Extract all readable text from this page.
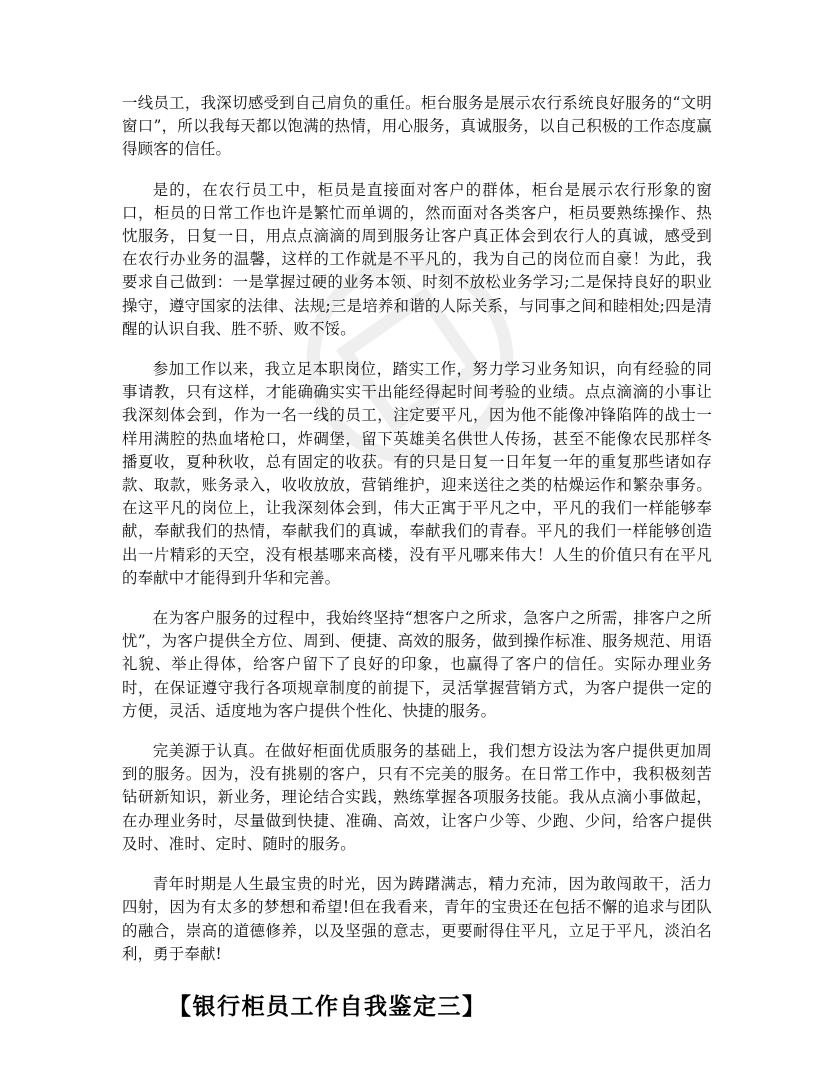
一线员工，我深切感受到自己肩负的重任。柜台服务是展示农行系统良好服务的“文明窗口”，所以我每天都以饱满的热情，用心服务，真诚服务，以自己积极的工作态度赢得顾客的信任。

是的，在农行员工中，柜员是直接面对客户的群体，柜台是展示农行形象的窗口，柜员的日常工作也许是繁忙而单调的，然而面对各类客户，柜员要熟练操作、热忱服务，日复一日，用点点滴滴的周到服务让客户真正体会到农行人的真诚，感受到在农行办业务的温馨，这样的工作就是不平凡的，我为自己的岗位而自豪！为此，我要求自己做到：一是掌握过硬的业务本领、时刻不放松业务学习;二是保持良好的职业操守，遵守国家的法律、法规;三是培养和谐的人际关系，与同事之间和睦相处;四是清醒的认识自我、胜不骄、败不馁。

参加工作以来，我立足本职岗位，踏实工作，努力学习业务知识，向有经验的同事请教，只有这样，才能确确实实干出能经得起时间考验的业绩。点点滴滴的小事让我深刻体会到，作为一名一线的员工，注定要平凡，因为他不能像冲锋陷阵的战士一样用满腔的热血堵枪口，炸碉堡，留下英雄美名供世人传扬，甚至不能像农民那样冬播夏收，夏种秋收，总有固定的收获。有的只是日复一日年复一年的重复那些诸如存款、取款，账务录入，收收放放，营销维护，迎来送往之类的枯燥运作和繁杂事务。在这平凡的岗位上，让我深刻体会到，伟大正寓于平凡之中，平凡的我们一样能够奉献，奉献我们的热情，奉献我们的真诚，奉献我们的青春。平凡的我们一样能够创造出一片精彩的天空，没有根基哪来高楼，没有平凡哪来伟大！人生的价值只有在平凡的奉献中才能得到升华和完善。

在为客户服务的过程中，我始终坚持“想客户之所求，急客户之所需，排客户之所忧”，为客户提供全方位、周到、便捷、高效的服务，做到操作标准、服务规范、用语礼貌、举止得体，给客户留下了良好的印象，也赢得了客户的信任。实际办理业务时，在保证遵守我行各项规章制度的前提下，灵活掌握营销方式，为客户提供一定的方便，灵活、适度地为客户提供个性化、快捷的服务。

完美源于认真。在做好柜面优质服务的基础上，我们想方设法为客户提供更加周到的服务。因为，没有挑剔的客户，只有不完美的服务。在日常工作中，我积极刻苦钻研新知识，新业务，理论结合实践，熟练掌握各项服务技能。我从点滴小事做起，在办理业务时，尽量做到快捷、准确、高效，让客户少等、少跑、少问，给客户提供及时、准时、定时、随时的服务。

青年时期是人生最宝贵的时光，因为踌躇满志，精力充沛，因为敢闯敢干，活力四射，因为有太多的梦想和希望!但在我看来，青年的宝贵还在包括不懈的追求与团队的融合，崇高的道德修养，以及坚强的意志，更要耐得住平凡，立足于平凡，淡泊名利，勇于奉献!

【银行柜员工作自我鉴定三】
